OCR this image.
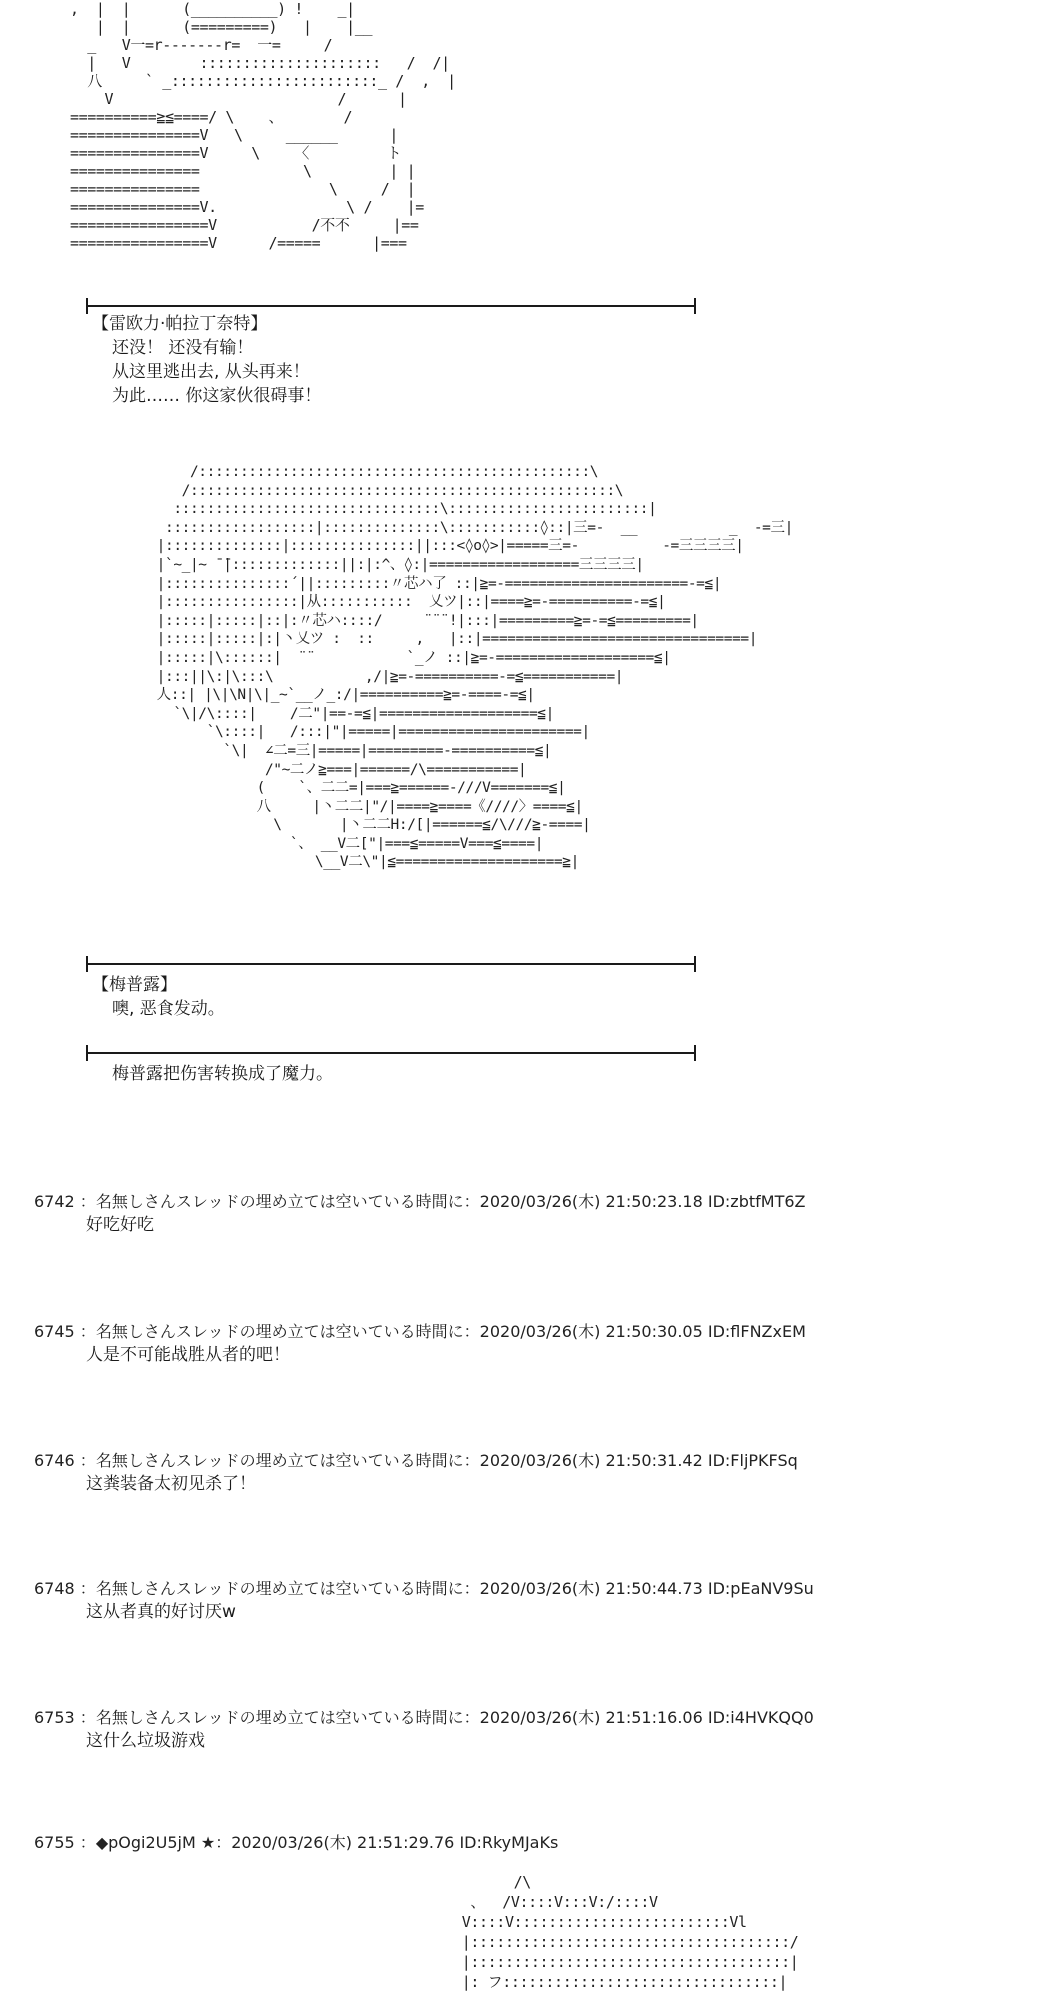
,  |  |      (__________) !    _|
|  |      (=========)   |    |__
_   V一=r-------r=  一=     /
|   V        :::::::::::::::::::::   /  /|
八     ` _::::::::::::::::::::::::_ /  ,  |
V                          /      |
==========≧≦====/ \    、       /
===============V   \     ______      |
===============V     \    〈         ト
===============            \         | |
===============               \     /  |
===============V.               \ /    |=
================V           /不不     |==
================V      /=====      |===
【雷欧力·帕拉丁奈特】
还没！ 还没有输！
从这里逃出去, 从头再来！
为此…… 你这家伙很碍事！
/:::::::::::::::::::::::::::::::::::::::::::::::\
/:::::::::::::::::::::::::::::::::::::::::::::::::::\
::::::::::::::::::::::::::::::::\::::::::::::::::::::::::|
::::::::::::::::::|::::::::::::::\:::::::::::◊::|三=-  __           _  -=三|
|::::::::::::::|:::::::::::::::||:::<◊o◊>|=====三=-          -=三三三三|
|`~_|~ ̄ ̄|:::::::::::::||:|:^、◊:|==================三三三三|
|:::::::::::::::´||:::::::::〃芯ハ了 ::|≧=-======================-=≦|
|::::::::::::::::|从:::::::::::  乂ツ|::|====≧=-==========-=≦|
|:::::|:::::|::|:〃芯ハ::::/     ¨¨¨!|:::|=========≧=-=≦=========|
|:::::|:::::|:|丶乂ツ :  ::     ,   |::|================================|
|:::::|\::::::|  ¨¨           `_ノ ::|≧=-===================≦|
|:::||\:|\:::\           ,/|≧=-==========-=≦===========|
人::| |\|\N|\|_~`__ノ_:/|==========≧=-====-=≦|
`\|/\::::|    /二"|==-=≦|===================≦|
`\::::|   /:::|"|=====|======================|
`\|  ∠二=三|=====|=========-==========≦|
/"~二ノ≧===|======/\===========|
(    `、二二=|===≧======-///V=======≦|
八     |丶二二|"/|====≧====《////〉====≦|
\       |丶二二H:/[|======≦/\///≧-====|
`、 __V二["|===≦=====V===≦====|
\__V二\"|≦====================≧|
【梅普露】
噢, 恶食发动。
梅普露把伤害转换成了魔力。
6742 ：名無しさんスレッドの埋め立ては空いている時間に：2020/03/26(木) 21:50:23.18 ID:zbtfMT6Z
好吃好吃
6745 ：名無しさんスレッドの埋め立ては空いている時間に：2020/03/26(木) 21:50:30.05 ID:flFNZxEM
人是不可能战胜从者的吧！
6746 ：名無しさんスレッドの埋め立ては空いている時間に：2020/03/26(木) 21:50:31.42 ID:FljPKFSq
这粪装备太初见杀了！
6748 ：名無しさんスレッドの埋め立ては空いている時間に：2020/03/26(木) 21:50:44.73 ID:pEaNV9Su
这从者真的好讨厌w
6753 ：名無しさんスレッドの埋め立ては空いている時間に：2020/03/26(木) 21:51:16.06 ID:i4HVKQQ0
这什么垃圾游戏
6755 ：◆pOgi2U5jM ★：2020/03/26(木) 21:51:29.76 ID:RkyMJaKs
/\
、  /V::::V:::V:/::::V
V::::V:::::::::::::::::::::::::Vl
|:::::::::::::::::::::::::::::::::::::/
|:::::::::::::::::::::::::::::::::::::|
|: フ::::::::::::::::::::::::::::::::|
